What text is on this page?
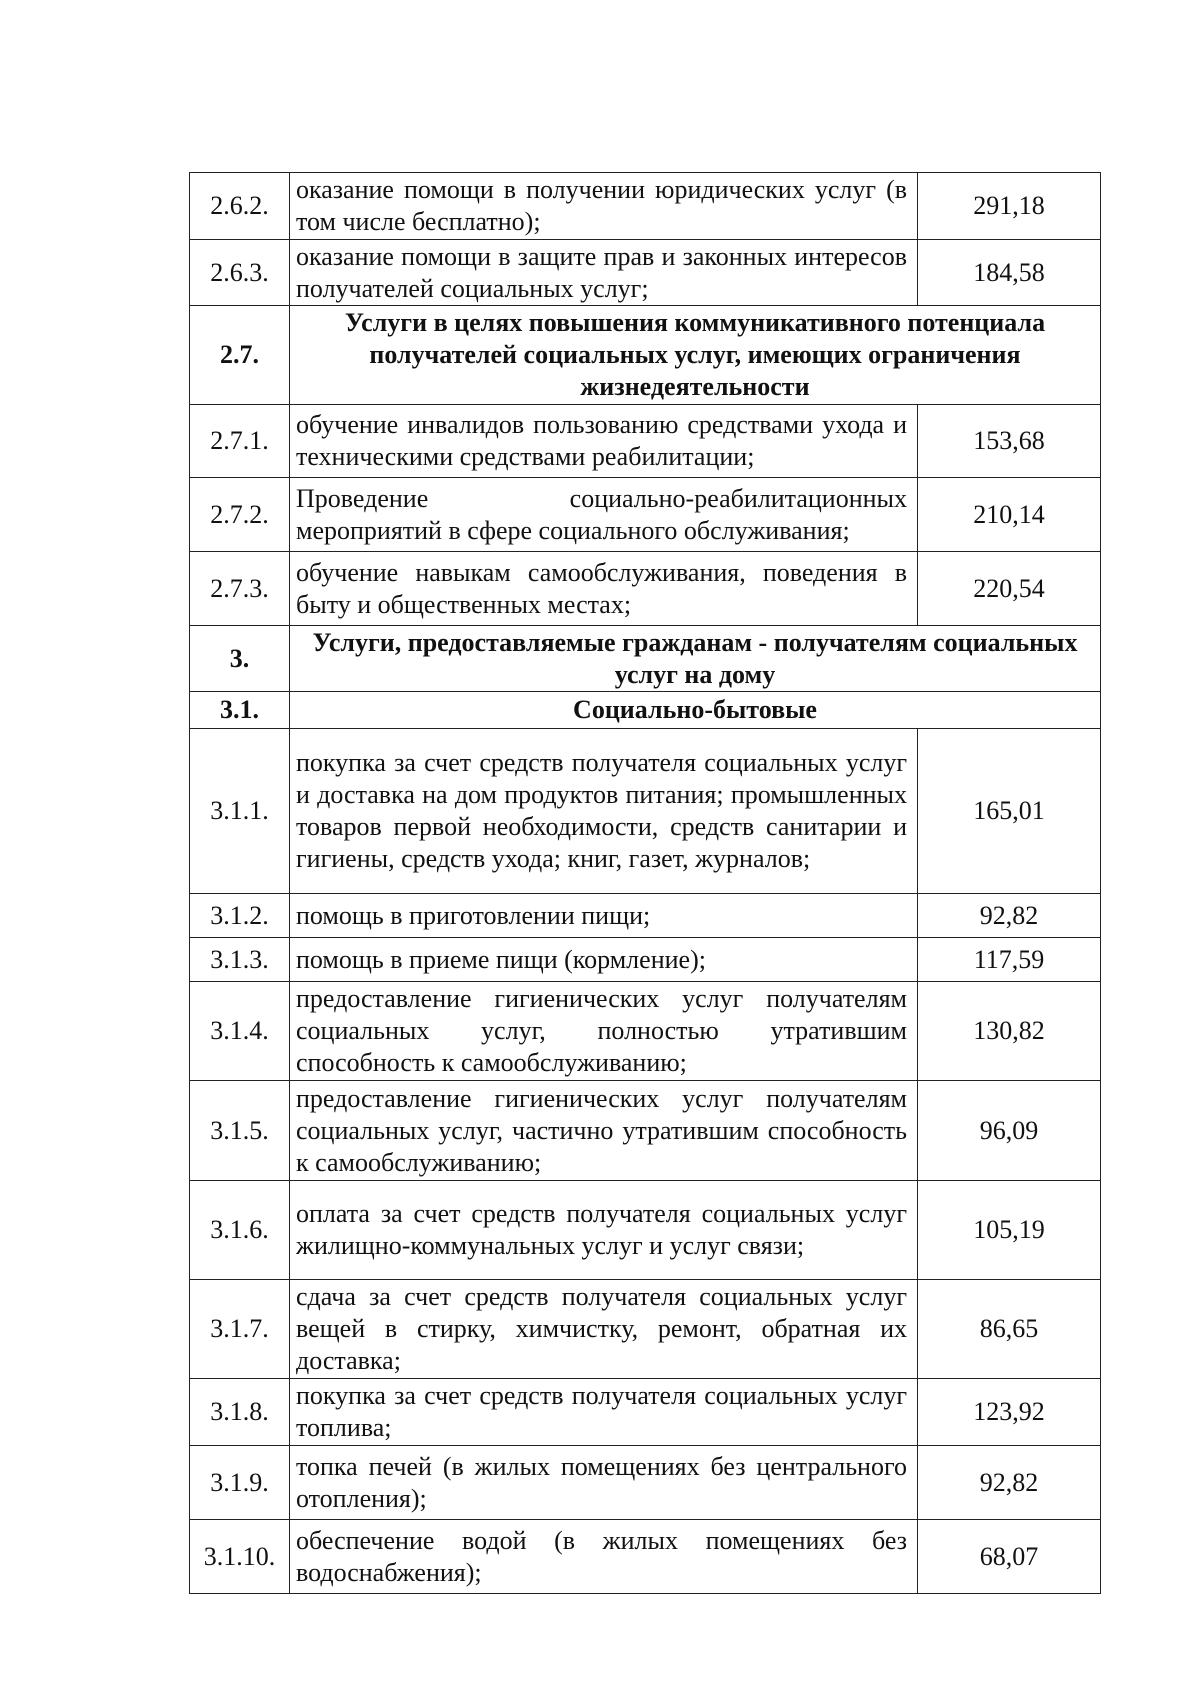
2.6.2.	оказание помощи в получении юридических услуг (в том числе бесплатно);	291,18
2.6.3.	оказание помощи в защите прав и законных интересов получателей социальных услуг;	184,58
2.7.	Услуги в целях повышения коммуникативного потенциала получателей социальных услуг, имеющих ограничения жизнедеятельности	
2.7.1.	обучение инвалидов пользованию средствами ухода и техническими средствами реабилитации;	153,68
2.7.2.	Проведение социально-реабилитационных мероприятий в сфере социального обслуживания;	210,14
2.7.3.	обучение навыкам самообслуживания, поведения в быту и общественных местах;	220,54
3.	Услуги, предоставляемые гражданам - получателям социальных услуг на дому	
3.1.	Социально-бытовые	
3.1.1.	покупка за счет средств получателя социальных услуг и доставка на дом продуктов питания; промышленных товаров первой необходимости, средств санитарии и гигиены, средств ухода; книг, газет, журналов;	165,01
3.1.2.	помощь в приготовлении пищи;	92,82
3.1.3.	помощь в приеме пищи (кормление);	117,59
3.1.4.	предоставление гигиенических услуг получателям социальных услуг, полностью утратившим способность к самообслуживанию;	130,82
3.1.5.	предоставление гигиенических услуг получателям социальных услуг, частично утратившим способность к самообслуживанию;	96,09
3.1.6.	оплата за счет средств получателя социальных услуг жилищно-коммунальных услуг и услуг связи;	105,19
3.1.7.	сдача за счет средств получателя социальных услуг вещей в стирку, химчистку, ремонт, обратная их доставка;	86,65
3.1.8.	покупка за счет средств получателя социальных услуг топлива;	123,92
3.1.9.	топка печей (в жилых помещениях без центрального отопления);	92,82
3.1.10.	обеспечение водой (в жилых помещениях без водоснабжения);	68,07
